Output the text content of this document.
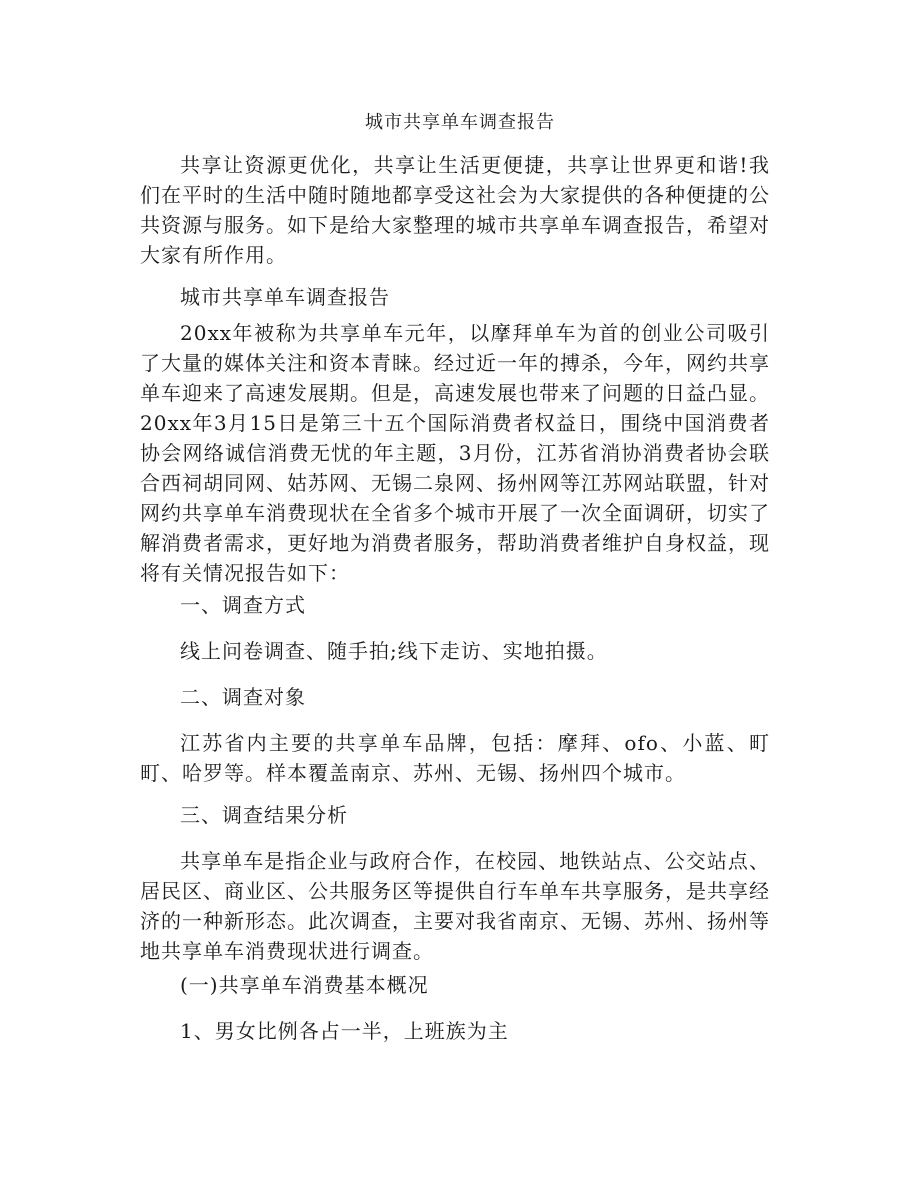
城市共享单车调查报告
共享让资源更优化，共享让生活更便捷，共享让世界更和谐!我们在平时的生活中随时随地都享受这社会为大家提供的各种便捷的公共资源与服务。如下是给大家整理的城市共享单车调查报告，希望对大家有所作用。
城市共享单车调查报告
20xx年被称为共享单车元年，以摩拜单车为首的创业公司吸引了大量的媒体关注和资本青睐。经过近一年的搏杀，今年，网约共享单车迎来了高速发展期。但是，高速发展也带来了问题的日益凸显。20xx年3月15日是第三十五个国际消费者权益日，围绕中国消费者协会网络诚信消费无忧的年主题，3月份，江苏省消协消费者协会联合西祠胡同网、姑苏网、无锡二泉网、扬州网等江苏网站联盟，针对网约共享单车消费现状在全省多个城市开展了一次全面调研，切实了解消费者需求，更好地为消费者服务，帮助消费者维护自身权益，现将有关情况报告如下：
一、调查方式
线上问卷调查、随手拍;线下走访、实地拍摄。
二、调查对象
江苏省内主要的共享单车品牌，包括：摩拜、ofo、小蓝、町町、哈罗等。样本覆盖南京、苏州、无锡、扬州四个城市。
三、调查结果分析
共享单车是指企业与政府合作，在校园、地铁站点、公交站点、居民区、商业区、公共服务区等提供自行车单车共享服务，是共享经济的一种新形态。此次调查，主要对我省南京、无锡、苏州、扬州等地共享单车消费现状进行调查。
(一)共享单车消费基本概况
1、男女比例各占一半，上班族为主
